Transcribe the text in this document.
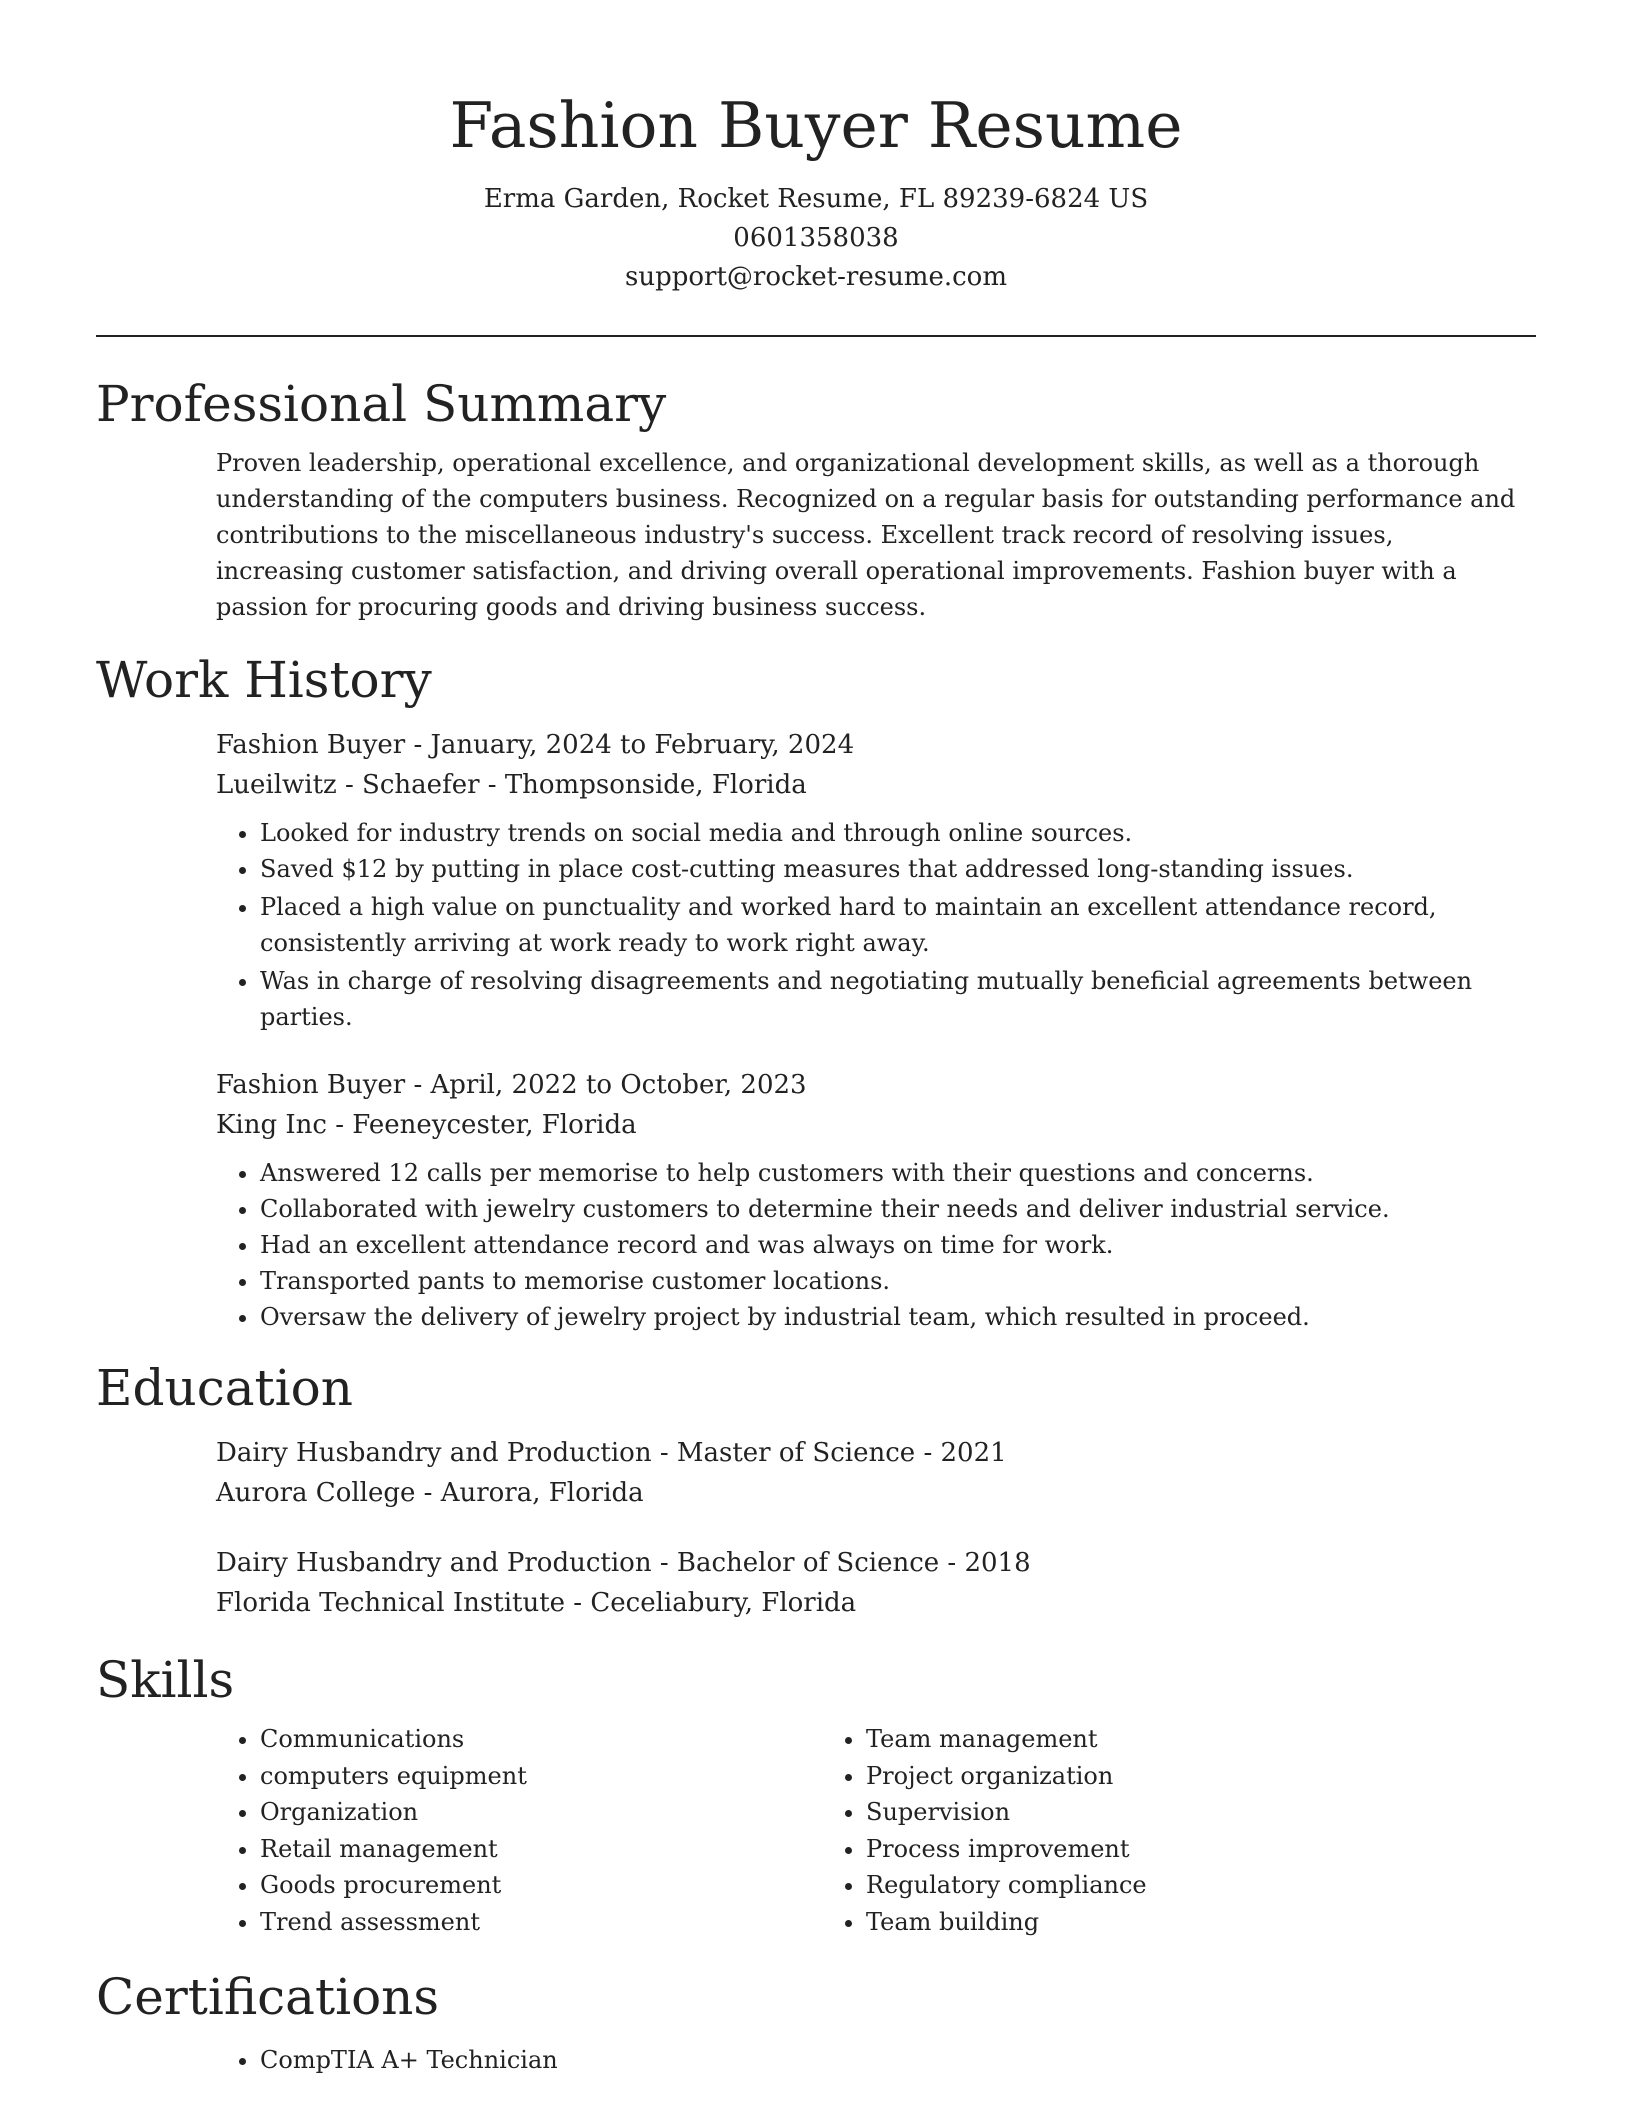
Fashion Buyer Resume
Erma Garden, Rocket Resume, FL 89239-6824 US
0601358038
support@rocket-resume.com
Professional Summary

Proven leadership, operational excellence, and organizational development skills, as well as a thorough understanding of the computers business. Recognized on a regular basis for outstanding performance and contributions to the miscellaneous industry's success. Excellent track record of resolving issues, increasing customer satisfaction, and driving overall operational improvements. Fashion buyer with a passion for procuring goods and driving business success.

Work History
Fashion Buyer - January, 2024 to February, 2024
Lueilwitz - Schaefer - Thompsonside, Florida
• Looked for industry trends on social media and through online sources.
• Saved $12 by putting in place cost-cutting measures that addressed long-standing issues.
• Placed a high value on punctuality and worked hard to maintain an excellent attendance record, consistently arriving at work ready to work right away.
• Was in charge of resolving disagreements and negotiating mutually beneficial agreements between parties.
Fashion Buyer - April, 2022 to October, 2023
King Inc - Feeneycester, Florida
• Answered 12 calls per memorise to help customers with their questions and concerns.
• Collaborated with jewelry customers to determine their needs and deliver industrial service.
• Had an excellent attendance record and was always on time for work.
• Transported pants to memorise customer locations.
• Oversaw the delivery of jewelry project by industrial team, which resulted in proceed.
Education
Dairy Husbandry and Production - Master of Science - 2021
Aurora College - Aurora, Florida
Dairy Husbandry and Production - Bachelor of Science - 2018
Florida Technical Institute - Ceceliabury, Florida
Skills
• Communications
• computers equipment
• Organization
• Retail management
• Goods procurement
• Trend assessment
• Team management
• Project organization
• Supervision
• Process improvement
• Regulatory compliance
• Team building
Certifications
• CompTIA A+ Technician
